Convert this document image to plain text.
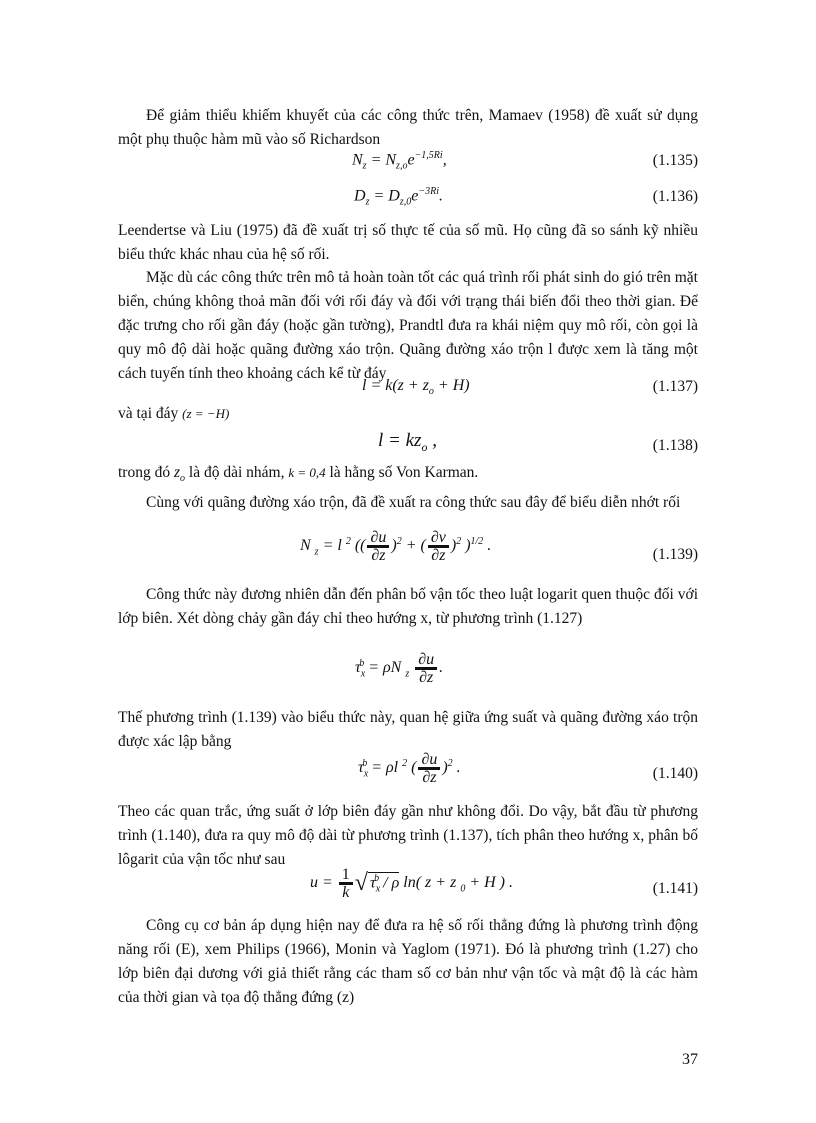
Để giảm thiểu khiếm khuyết của các công thức trên, Mamaev (1958) đề xuất sử dụng một phụ thuộc hàm mũ vào số Richardson
$N_z = N_{z,o}e^{-1,5Ri}$,	(1.135)
$D_z = D_{z,0}e^{-3Ri}$.	(1.136)
Leendertse và Liu (1975) đã đề xuất trị số thực tế của số mũ. Họ cũng đã so sánh kỹ nhiều biểu thức khác nhau của hệ số rối.
Mặc dù các công thức trên mô tả hoàn toàn tốt các quá trình rối phát sinh do gió trên mặt biển, chúng không thoả mãn đối với rối đáy và đối với trạng thái biến đổi theo thời gian. Để đặc trưng cho rối gần đáy (hoặc gần tường), Prandtl đưa ra khái niệm quy mô rối, còn gọi là quy mô độ dài hoặc quãng đường xáo trộn. Quãng đường xáo trộn l được xem là tăng một cách tuyến tính theo khoảng cách kể từ đáy
$l = k(z + z_o + H)$	(1.137)
và tại đáy (z = −H)
$l = kz_o$ ,	(1.138)
trong đó $z_o$ là độ dài nhám, k = 0,4 là hằng số Von Karman.
Cùng với quãng đường xáo trộn, đã đề xuất ra công thức sau đây để biểu diễn nhớt rối
N $_z$ = l $^2$ (( $\frac{\partial u}{\partial z} )^2$ + ( $\frac{\partial v}{\partial z} )^2$ )$^{1/2}$ .
(1.139)
Công thức này đương nhiên dẫn đến phân bố vận tốc theo luật logarit quen thuộc đối với lớp biên. Xét dòng chảy gần đáy chỉ theo hướng x, từ phương trình (1.127)
$\tau_x^b = \rho N$ $_z \frac{\partial u}{\partial z}$ .
Thế phương trình (1.139) vào biểu thức này, quan hệ giữa ứng suất và quãng đường xáo trộn được xác lập bằng
$\tau_x^b = \rho l$ $^2$ ( $\frac{\partial u}{\partial z} )^2$ .	(1.140)
Theo các quan trắc, ứng suất ở lớp biên đáy gần như không đổi. Do vậy, bắt đầu từ phương trình (1.140), đưa ra quy mô độ dài từ phương trình (1.137), tích phân theo hướng x, phân bố lôgarit của vận tốc như sau
$u = \frac{1}{k}$ √ $\tau_x^b$ / ρ ln( z + z $_0$ + H ) .	(1.141)
Công cụ cơ bản áp dụng hiện nay để đưa ra hệ số rối thẳng đứng là phương trình động năng rối (E), xem Philips (1966), Monin và Yaglom (1971). Đó là phương trình (1.27) cho lớp biên đại dương với giả thiết rằng các tham số cơ bản như vận tốc và mật độ là các hàm của thời gian và tọa độ thẳng đứng (z)
37
